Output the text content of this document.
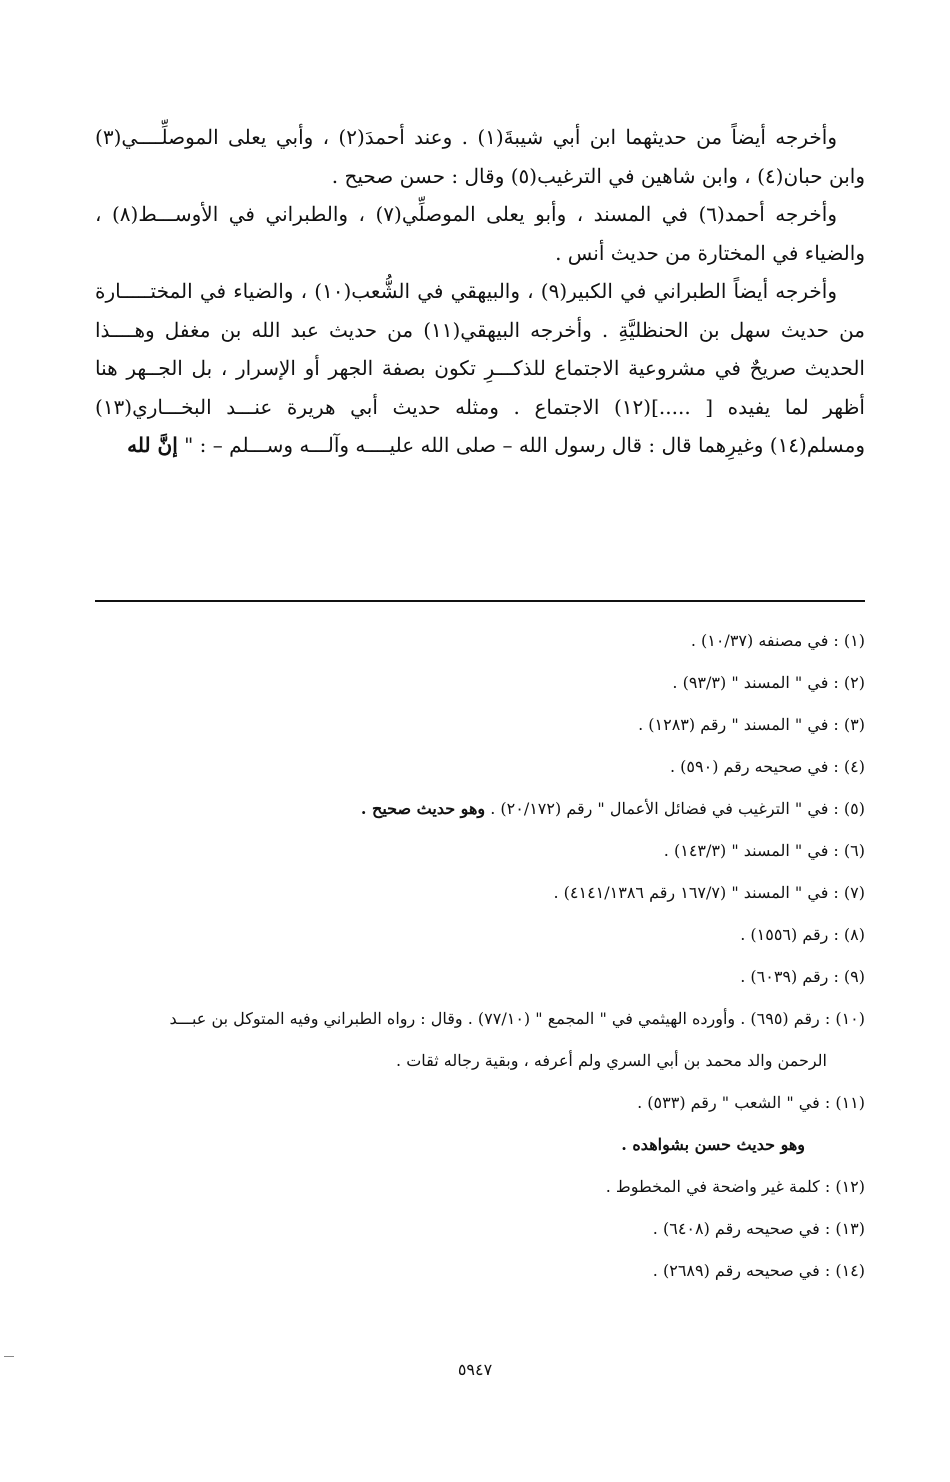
وأخرجه أيضاً من حديثهما ابن أبي شيبةَ(١) . وعند أحمدَ(٢) ، وأبي يعلى الموصلِّــــي(٣) وابن حبان(٤) ، وابن شاهين في الترغيب(٥) وقال : حسن صحيح .

وأخرجه أحمد(٦) في المسند ، وأبو يعلى الموصلِّي(٧) ، والطبراني في الأوســـط(٨) ، والضياء في المختارة من حديث أنس .

وأخرجه أيضاً الطبراني في الكبير(٩) ، والبيهقي في الشُّعب(١٠) ، والضياء في المختـــــارة من حديث سهل بن الحنظليَّةِ . وأخرجه البيهقي(١١) من حديث عبد الله بن مغفل وهــــذا الحديث صريحٌ في مشروعية الاجتماع للذكـــرِ تكون بصفة الجهر أو الإسرار ، بل الجــهر هنا أظهر لما يفيده [ .....](١٢) الاجتماع . ومثله حديث أبي هريرة عنـــد البخـــاري(١٣) ومسلم(١٤) وغيرِهما قال : قال رسول الله – صلى الله عليــــه وآلـــه وســـلم – : " إنَّ لله

(١) : في مصنفه (١٠/٣٧) .

(٢) : في " المسند " (٩٣/٣) .

(٣) : في " المسند " رقم (١٢٨٣) .

(٤) : في صحيحه رقم (٥٩٠) .

(٥) : في " الترغيب في فضائل الأعمال " رقم (٢٠/١٧٢) . وهو حديث صحيح .

(٦) : في " المسند " (١٤٣/٣) .

(٧) : في " المسند " (١٦٧/٧ رقم ٤١٤١/١٣٨٦) .

(٨) : رقم (١٥٥٦) .

(٩) : رقم (٦٠٣٩) .

(١٠) : رقم (٦٩٥) . وأورده الهيثمي في " المجمع " (٧٧/١٠) . وقال : رواه الطبراني وفيه المتوكل بن عبـــد

الرحمن والد محمد بن أبي السري ولم أعرفه ، وبقية رجاله ثقات .

(١١) : في " الشعب " رقم (٥٣٣) .

وهو حديث حسن بشواهده .

(١٢) : كلمة غير واضحة في المخطوط .

(١٣) : في صحيحه رقم (٦٤٠٨) .

(١٤) : في صحيحه رقم (٢٦٨٩) .

٥٩٤٧
